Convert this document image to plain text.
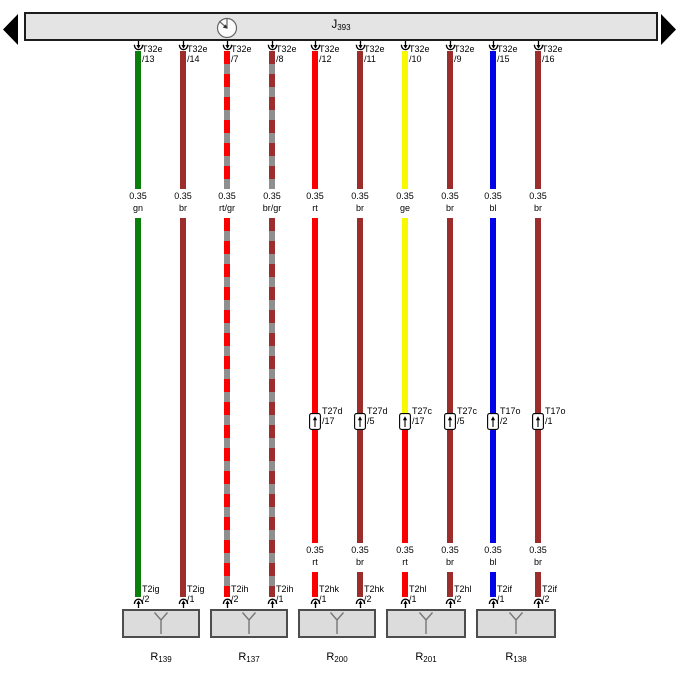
$J_{393}$
T32e
/13
0.35
gn
T2ig
/2
T32e
/14
0.35
br
T2ig
/1
T32e
/7
0.35
rt/gr
T2ih
/2
T32e
/8
0.35
br/gr
T2ih
/1
T32e
/12
0.35
rt
T27d
/17
0.35
rt
T2hk
/1
T32e
/11
0.35
br
T27d
/5
0.35
br
T2hk
/2
T32e
/10
0.35
ge
T27c
/17
0.35
rt
T2hl
/1
T32e
/9
0.35
br
T27c
/5
0.35
br
T2hl
/2
T32e
/15
0.35
bl
T17o
/2
0.35
bl
T2if
/1
T32e
/16
0.35
br
T17o
/1
0.35
br
T2if
/2
$R_{139}$	$R_{137}$	$R_{200}$	$R_{201}$	$R_{138}$
